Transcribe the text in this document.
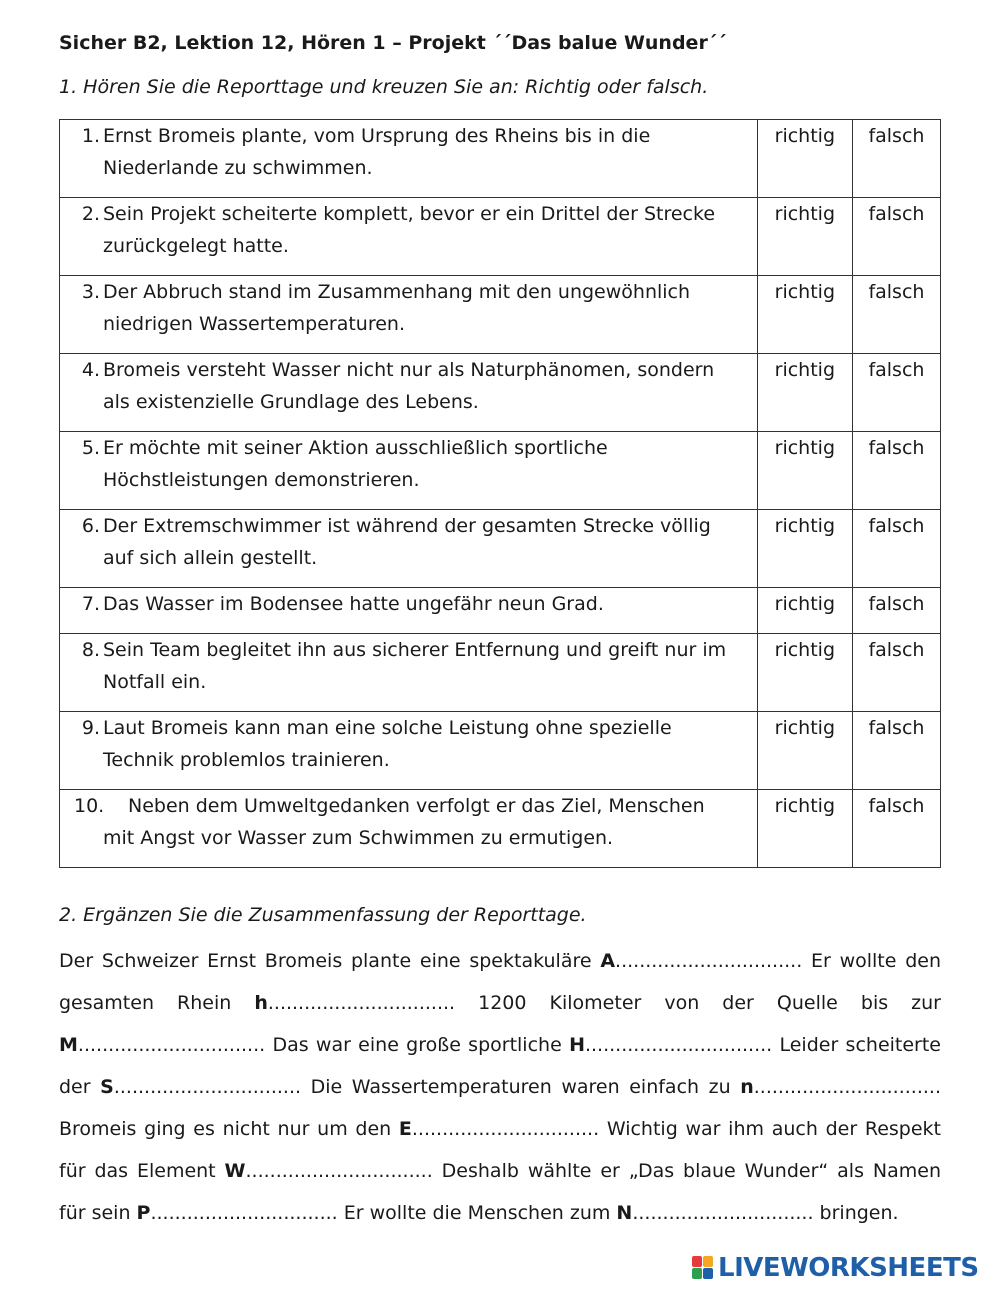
Sicher B2, Lektion 12, Hören 1 – Projekt ´´Das balue Wunder´´
1. Hören Sie die Reporttage und kreuzen Sie an: Richtig oder falsch.
1. Ernst Bromeis plante, vom Ursprung des Rheins bis in die
Niederlande zu schwimmen.	richtig	falsch

2. Sein Projekt scheiterte komplett, bevor er ein Drittel der Strecke
zurückgelegt hatte.	richtig	falsch

3. Der Abbruch stand im Zusammenhang mit den ungewöhnlich
niedrigen Wassertemperaturen.	richtig	falsch

4. Bromeis versteht Wasser nicht nur als Naturphänomen, sondern
als existenzielle Grundlage des Lebens.	richtig	falsch

5. Er möchte mit seiner Aktion ausschließlich sportliche
Höchstleistungen demonstrieren.	richtig	falsch

6. Der Extremschwimmer ist während der gesamten Strecke völlig
auf sich allein gestellt.	richtig	falsch

7. Das Wasser im Bodensee hatte ungefähr neun Grad.	richtig	falsch

8. Sein Team begleitet ihn aus sicherer Entfernung und greift nur im
Notfall ein.	richtig	falsch

9. Laut Bromeis kann man eine solche Leistung ohne spezielle
Technik problemlos trainieren.	richtig	falsch

10. Neben dem Umweltgedanken verfolgt er das Ziel, Menschen
mit Angst vor Wasser zum Schwimmen zu ermutigen.	richtig	falsch
2. Ergänzen Sie die Zusammenfassung der Reporttage.
Der Schweizer Ernst Bromeis plante eine spektakuläre A............................... Er wollte den gesamten Rhein h............................... 1200 Kilometer von der Quelle bis zur M............................... Das war eine große sportliche H............................... Leider scheiterte der S............................... Die Wassertemperaturen waren einfach zu n............................... Bromeis ging es nicht nur um den E............................... Wichtig war ihm auch der Respekt für das Element W............................... Deshalb wählte er „Das blaue Wunder“ als Namen für sein P............................... Er wollte die Menschen zum N.............................. bringen.
LIVEWORKSHEETS
